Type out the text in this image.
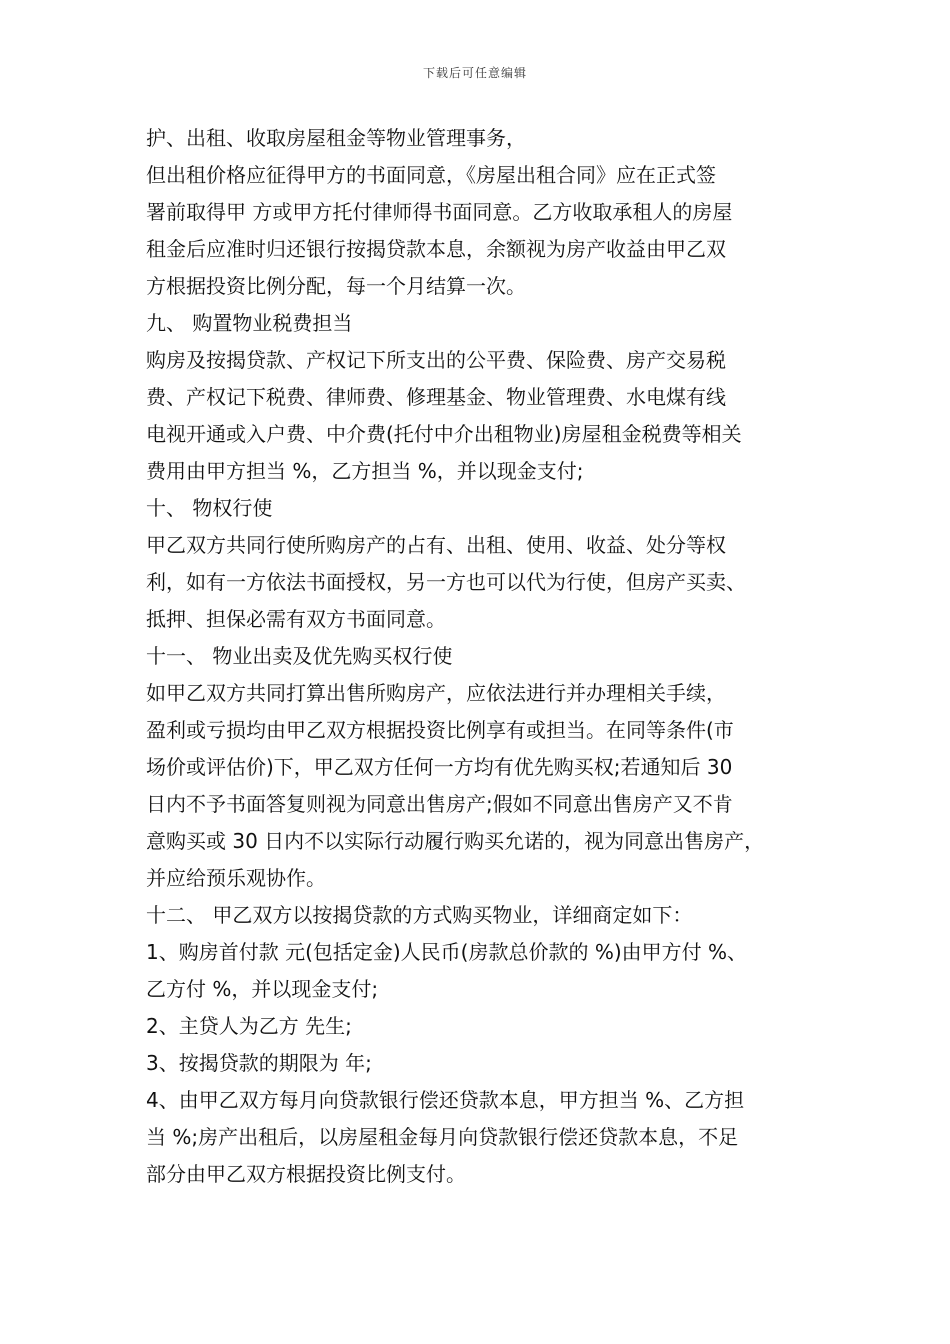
下载后可任意编辑
护、出租、收取房屋租金等物业管理事务，
但出租价格应征得甲方的书面同意，《房屋出租合同》应在正式签
署前取得甲 方或甲方托付律师得书面同意。乙方收取承租人的房屋
租金后应准时归还银行按揭贷款本息，余额视为房产收益由甲乙双
方根据投资比例分配，每一个月结算一次。
九、 购置物业税费担当
购房及按揭贷款、产权记下所支出的公平费、保险费、房产交易税
费、产权记下税费、律师费、修理基金、物业管理费、水电煤有线
电视开通或入户费、中介费(托付中介出租物业)房屋租金税费等相关
费用由甲方担当 %，乙方担当 %，并以现金支付;
十、 物权行使
甲乙双方共同行使所购房产的占有、出租、使用、收益、处分等权
利，如有一方依法书面授权，另一方也可以代为行使，但房产买卖、
抵押、担保必需有双方书面同意。
十一、 物业出卖及优先购买权行使
如甲乙双方共同打算出售所购房产，应依法进行并办理相关手续，
盈利或亏损均由甲乙双方根据投资比例享有或担当。在同等条件(市
场价或评估价)下，甲乙双方任何一方均有优先购买权;若通知后 30
日内不予书面答复则视为同意出售房产;假如不同意出售房产又不肯
意购买或 30 日内不以实际行动履行购买允诺的，视为同意出售房产，
并应给预乐观协作。
十二、 甲乙双方以按揭贷款的方式购买物业，详细商定如下：
1、购房首付款 元(包括定金)人民币(房款总价款的 %)由甲方付 %、
乙方付 %，并以现金支付;
2、主贷人为乙方 先生;
3、按揭贷款的期限为 年;
4、由甲乙双方每月向贷款银行偿还贷款本息，甲方担当 %、乙方担
当 %;房产出租后，以房屋租金每月向贷款银行偿还贷款本息，不足
部分由甲乙双方根据投资比例支付。
